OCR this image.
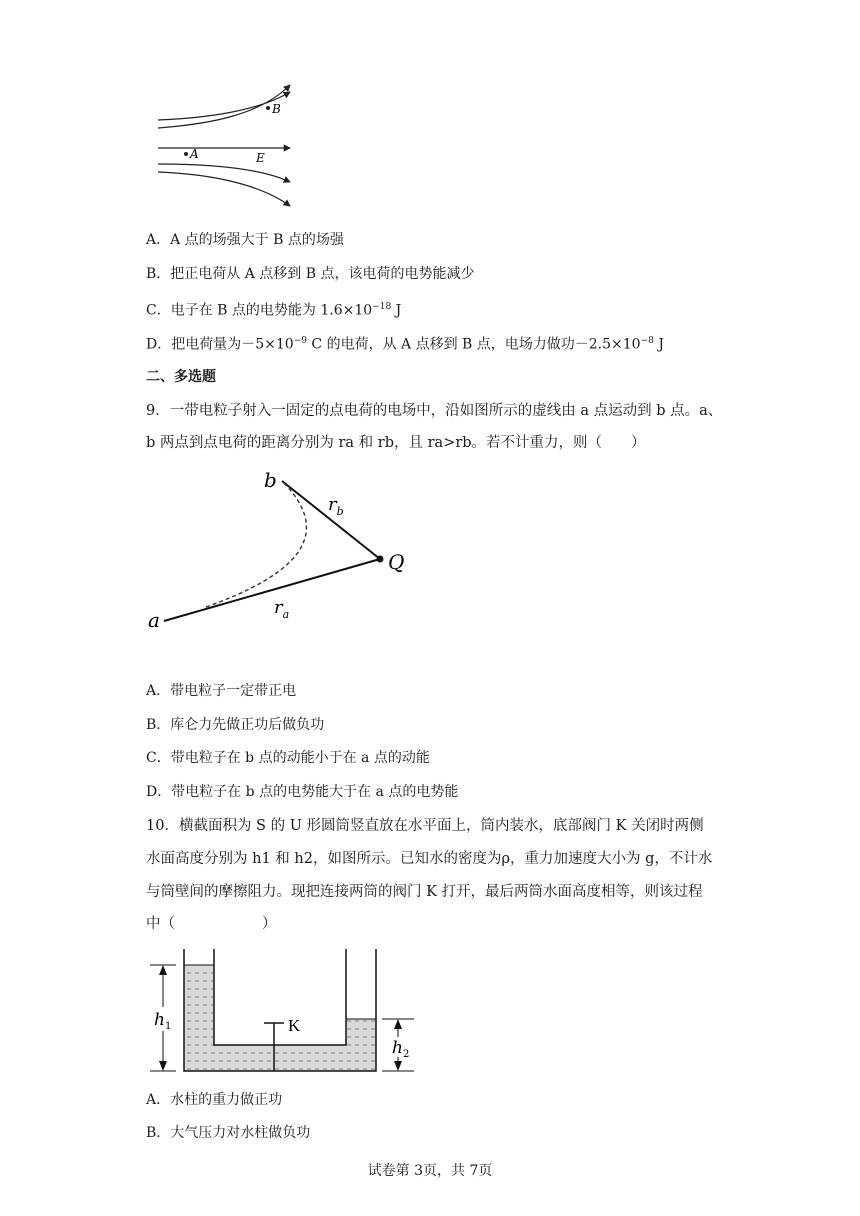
B
A	E
A．A 点的场强大于 B 点的场强
B．把正电荷从 A 点移到 B 点，该电荷的电势能减少
C．电子在 B 点的电势能为 $1.6\times 10^{-18}$ J
D．把电荷量为$-5\times 10^{-9}$ C 的电荷，从 A 点移到 B 点，电场力做功$-2.5\times 10^{-8}$ J
二、多选题
9．一带电粒子射入一固定的点电荷的电场中，沿如图所示的虚线由 a 点运动到 b 点。a、
b 两点到点电荷的距离分别为 ra 和 rb，且 ra>rb。若不计重力，则（　　）
a
b
Q
$r_b$
$r_a$
A．带电粒子一定带正电
B．库仑力先做正功后做负功
C．带电粒子在 b 点的动能小于在 a 点的动能
D．带电粒子在 b 点的电势能大于在 a 点的电势能
10．横截面积为 S 的 U 形圆筒竖直放在水平面上，筒内装水，底部阀门 K 关闭时两侧
水面高度分别为 h1 和 h2，如图所示。已知水的密度为ρ，重力加速度大小为 g，不计水
与筒壁间的摩擦阻力。现把连接两筒的阀门 K 打开，最后两筒水面高度相等，则该过程
中（　　　　　　）
K
$h_1$
$h_2$
A．水柱的重力做正功
B．大气压力对水柱做负功
试卷第 3页，共 7页
